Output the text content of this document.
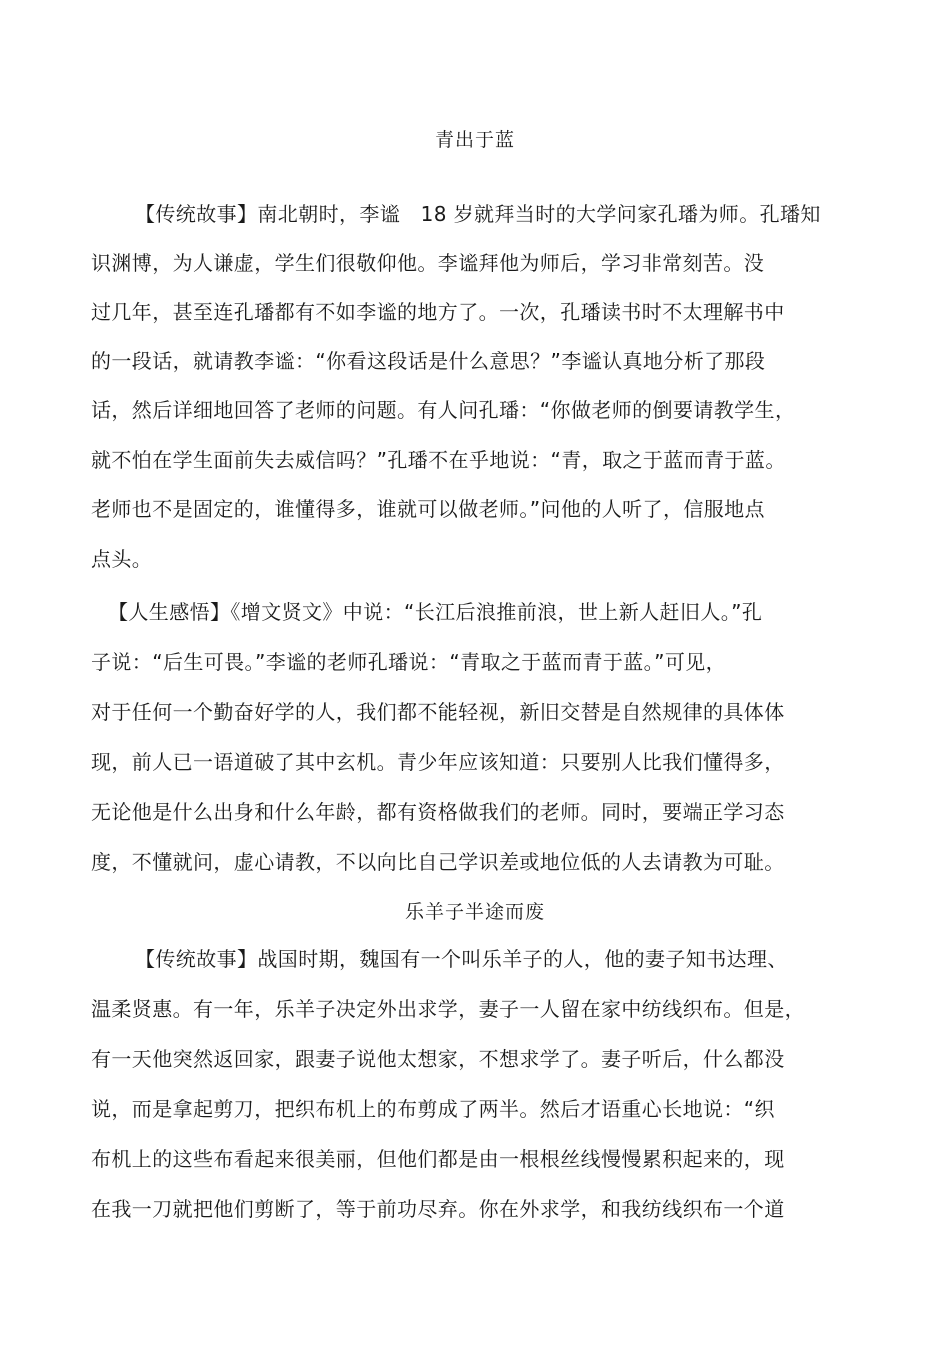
青出于蓝
【传统故事】南北朝时，李谧　18 岁就拜当时的大学问家孔璠为师。孔璠知
识渊博，为人谦虚，学生们很敬仰他。李谧拜他为师后，学习非常刻苦。没
过几年，甚至连孔璠都有不如李谧的地方了。一次，孔璠读书时不太理解书中
的一段话，就请教李谧：“你看这段话是什么意思？”李谧认真地分析了那段
话，然后详细地回答了老师的问题。有人问孔璠：“你做老师的倒要请教学生，
就不怕在学生面前失去威信吗？”孔璠不在乎地说：“青，取之于蓝而青于蓝。
老师也不是固定的，谁懂得多，谁就可以做老师。”问他的人听了，信服地点
点头。
【人生感悟】《增文贤文》中说：“长江后浪推前浪，世上新人赶旧人。”孔
子说：“后生可畏。”李谧的老师孔璠说：“青取之于蓝而青于蓝。”可见，
对于任何一个勤奋好学的人，我们都不能轻视，新旧交替是自然规律的具体体
现，前人已一语道破了其中玄机。青少年应该知道：只要别人比我们懂得多，
无论他是什么出身和什么年龄，都有资格做我们的老师。同时，要端正学习态
度，不懂就问，虚心请教，不以向比自己学识差或地位低的人去请教为可耻。
乐羊子半途而废
【传统故事】战国时期，魏国有一个叫乐羊子的人，他的妻子知书达理、
温柔贤惠。有一年，乐羊子决定外出求学，妻子一人留在家中纺线织布。但是，
有一天他突然返回家，跟妻子说他太想家，不想求学了。妻子听后，什么都没
说，而是拿起剪刀，把织布机上的布剪成了两半。然后才语重心长地说：“织
布机上的这些布看起来很美丽，但他们都是由一根根丝线慢慢累积起来的，现
在我一刀就把他们剪断了，等于前功尽弃。你在外求学，和我纺线织布一个道
